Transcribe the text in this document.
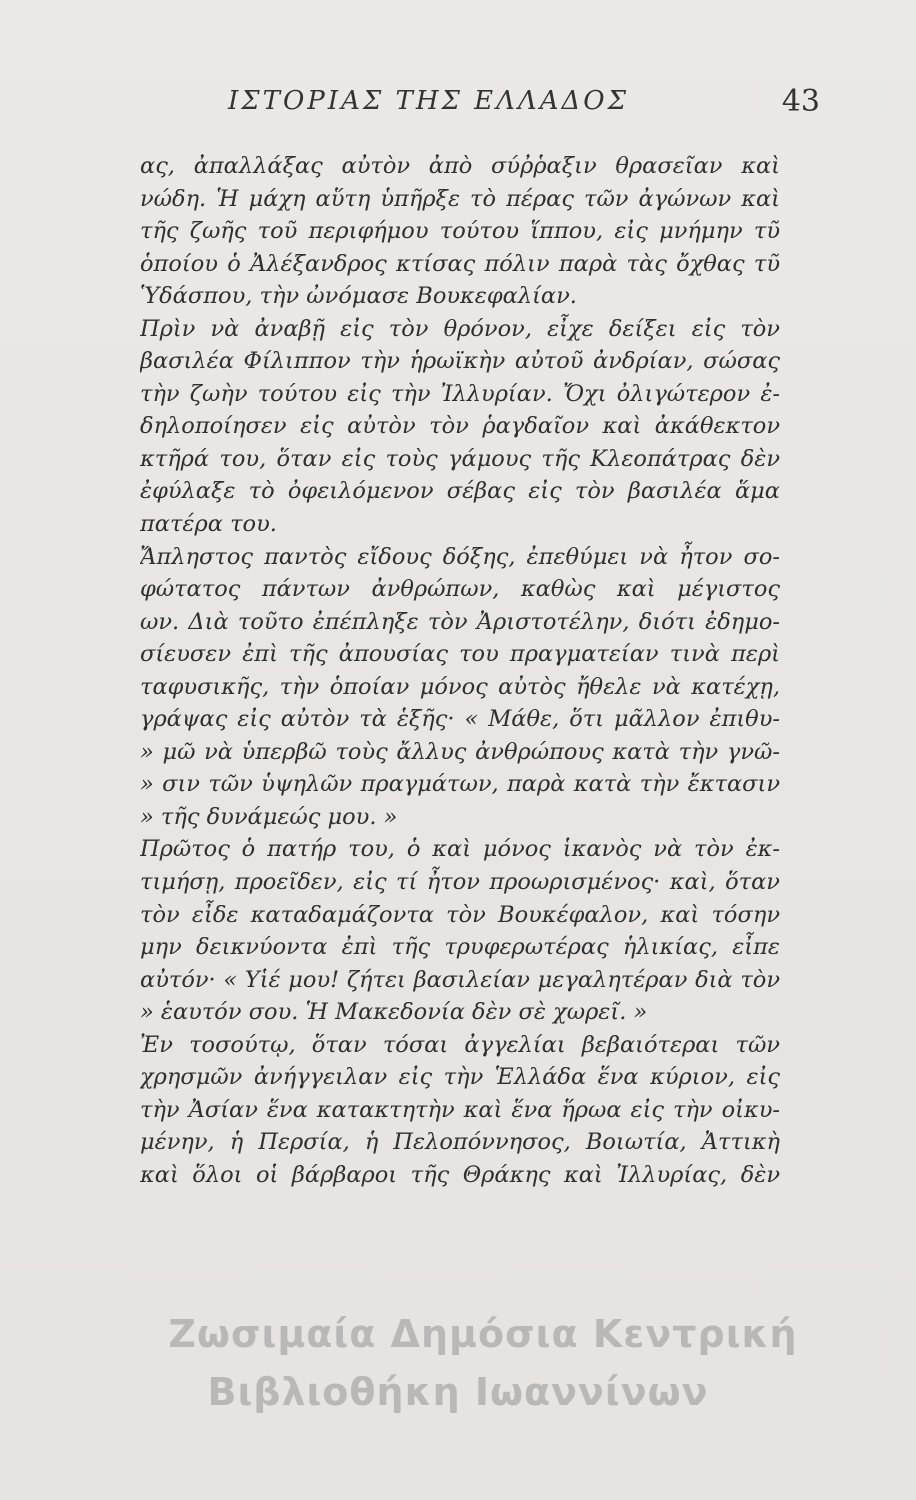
ΙΣΤΟΡΙΑΣ ΤΗΣ ΕΛΛΑΔΟΣ	43
ας, ἀπαλλάξας αὐτὸν ἀπὸ σύῤῥαξιν θρασεῖαν καὶ
νώδη. Ἡ μάχη αὕτη ὑπῆρξε τὸ πέρας τῶν ἀγώνων καὶ
τῆς ζωῆς τοῦ περιφήμου τούτου ἵππου, εἰς μνήμην τῦ
ὁποίου ὁ Ἀλέξανδρος κτίσας πόλιν παρὰ τὰς ὄχθας τῦ
Ὑδάσπου, τὴν ὠνόμασε Βουκεφαλίαν.
Πρὶν νὰ ἀναβῇ εἰς τὸν θρόνον, εἶχε δείξει εἰς τὸν
βασιλέα Φίλιππον τὴν ἡρωϊκὴν αὐτοῦ ἀνδρίαν, σώσας
τὴν ζωὴν τούτου εἰς τὴν Ἰλλυρίαν. Ὄχι ὀλιγώτερον ἐ-
δηλοποίησεν εἰς αὐτὸν τὸν ῥαγδαῖον καὶ ἀκάθεκτον
κτῆρά του, ὅταν εἰς τοὺς γάμους τῆς Κλεοπάτρας δὲν
ἐφύλαξε τὸ ὀφειλόμενον σέβας εἰς τὸν βασιλέα ἅμα
πατέρα του.
Ἄπληστος παντὸς εἴδους δόξης, ἐπεθύμει νὰ ἦτον σο-
φώτατος πάντων ἀνθρώπων, καθὼς καὶ μέγιστος
ων. Διὰ τοῦτο ἐπέπληξε τὸν Ἀριστοτέλην, διότι ἐδημο-
σίευσεν ἐπὶ τῆς ἀπουσίας του πραγματείαν τινὰ περὶ
ταφυσικῆς, τὴν ὁποίαν μόνος αὐτὸς ἤθελε νὰ κατέχῃ,
γράψας εἰς αὐτὸν τὰ ἑξῆς· « Μάθε, ὅτι μᾶλλον ἐπιθυ-
» μῶ νὰ ὑπερβῶ τοὺς ἄλλυς ἀνθρώπους κατὰ τὴν γνῶ-
» σιν τῶν ὑψηλῶν πραγμάτων, παρὰ κατὰ τὴν ἔκτασιν
» τῆς δυνάμεώς μου. »
Πρῶτος ὁ πατήρ του, ὁ καὶ μόνος ἱκανὸς νὰ τὸν ἐκ-
τιμήσῃ, προεῖδεν, εἰς τί ἦτον προωρισμένος· καὶ, ὅταν
τὸν εἶδε καταδαμάζοντα τὸν Βουκέφαλον, καὶ τόσην
μην δεικνύοντα ἐπὶ τῆς τρυφερωτέρας ἡλικίας, εἶπε
αὐτόν· « Υἱέ μου! ζήτει βασιλείαν μεγαλητέραν διὰ τὸν
» ἑαυτόν σου. Ἡ Μακεδονία δὲν σὲ χωρεῖ. »
Ἐν τοσούτῳ, ὅταν τόσαι ἀγγελίαι βεβαιότεραι τῶν
χρησμῶν ἀνήγγειλαν εἰς τὴν Ἑλλάδα ἕνα κύριον, εἰς
τὴν Ἀσίαν ἕνα κατακτητὴν καὶ ἕνα ἥρωα εἰς τὴν οἰκυ-
μένην, ἡ Περσία, ἡ Πελοπόννησος, Βοιωτία, Ἀττικὴ
καὶ ὅλοι οἱ βάρβαροι τῆς Θράκης καὶ Ἰλλυρίας, δὲν
Ζωσιμαία Δημόσια Κεντρική
Βιβλιοθήκη Ιωαννίνων
